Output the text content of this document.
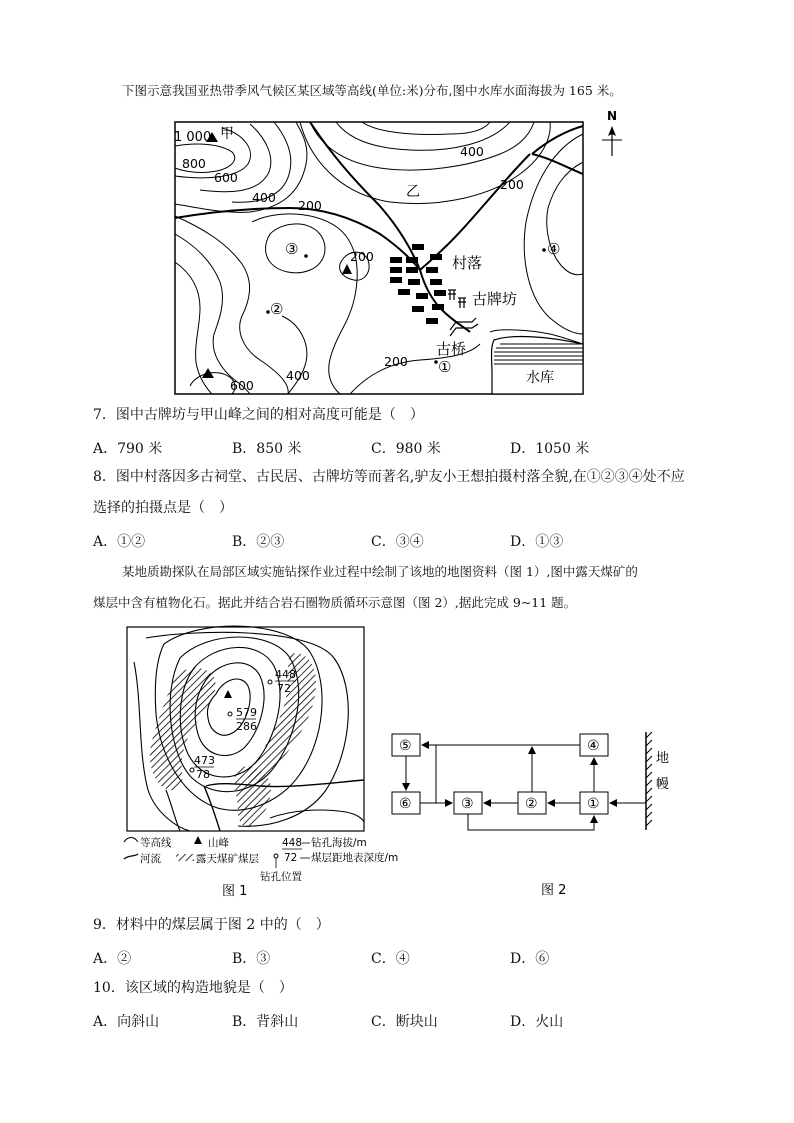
下图示意我国亚热带季风气候区某区域等高线(单位:米)分布,图中水库水面海拔为 165 米。
N
1 000 甲
乙
800
600
400
200
400
200
200
200
400
600
村落
古牌坊
古桥
水库
①
②
③	④
7．图中古牌坊与甲山峰之间的相对高度可能是（　）
A．790 米	B．850 米	C．980 米	D．1050 米
8．图中村落因多古祠堂、古民居、古牌坊等而著名,驴友小王想拍摄村落全貌,在①②③④处不应
选择的拍摄点是（　）
A．①②	B．②③	C．③④	D．①③
某地质勘探队在局部区域实施钻探作业过程中绘制了该地的地图资料（图 1）,图中露天煤矿的
煤层中含有植物化石。据此并结合岩石圈物质循环示意图（图 2）,据此完成 9~11 题。
448
72
579
286
473
78
等高线	山峰
河流	露天煤矿煤层
448 钻孔海拔/m
72 煤层距地表深度/m
钻孔位置
图 1
⑤	④
⑥	③	②	①
地
幔
图 2
9．材料中的煤层属于图 2 中的（　）
A．②	B．③	C．④	D．⑥
10．该区域的构造地貌是（　）
A．向斜山	B．背斜山	C．断块山	D．火山
